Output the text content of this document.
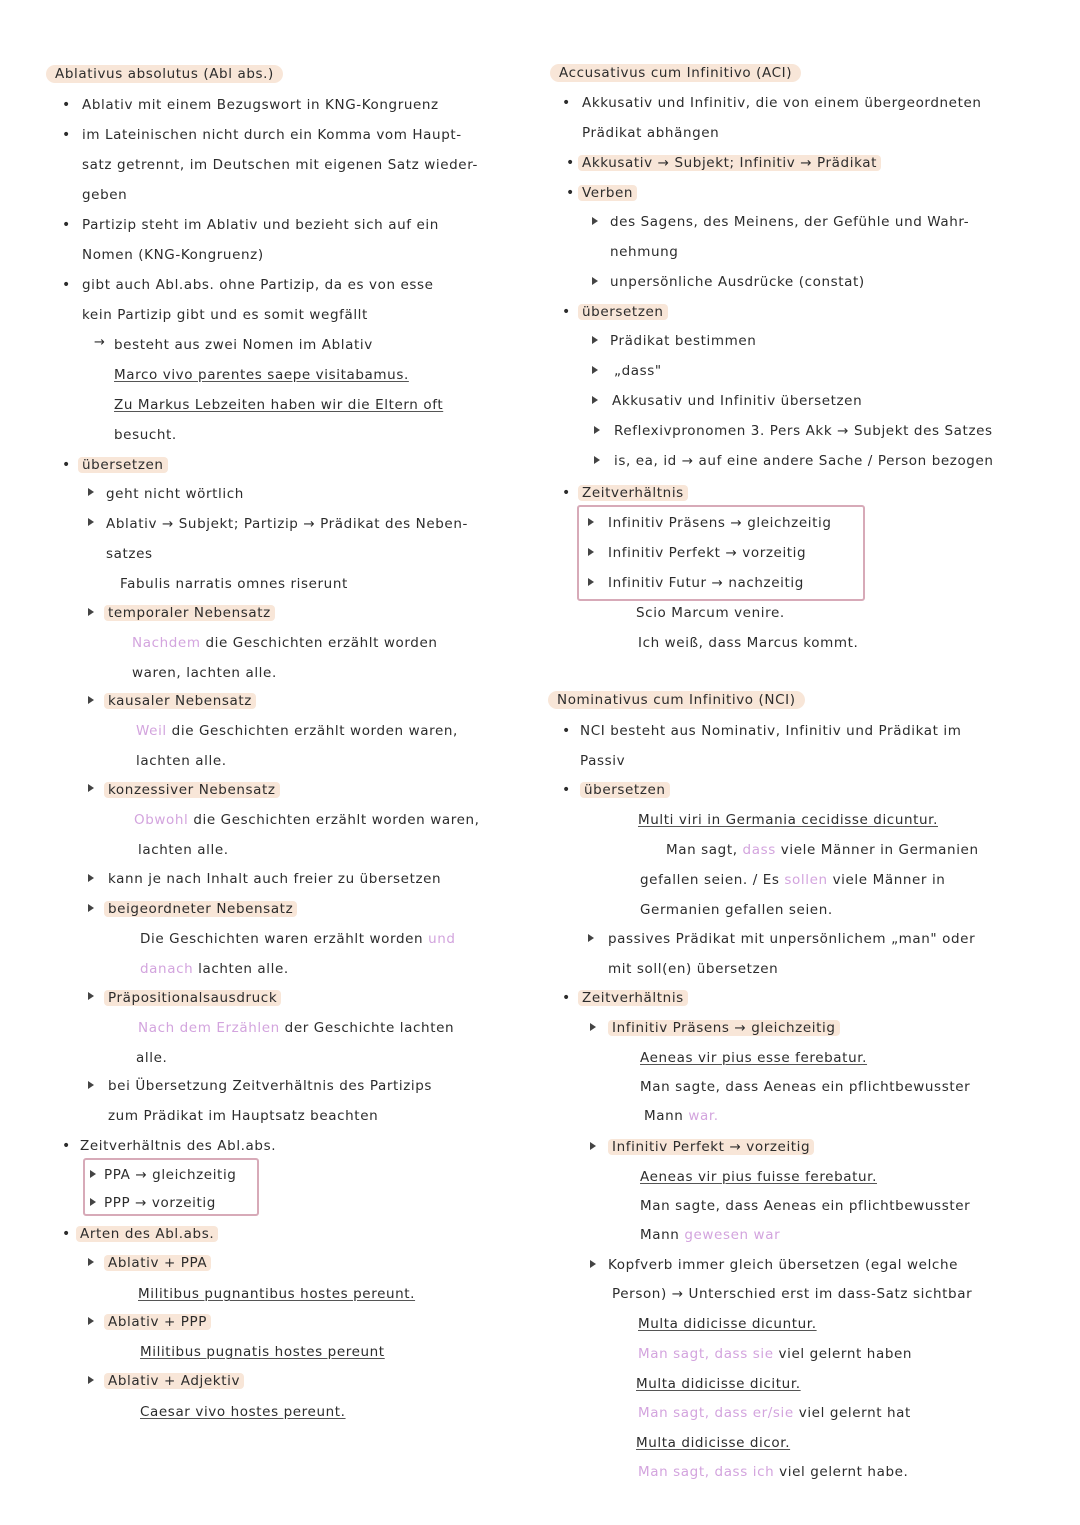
Ablativus absolutus (Abl abs.)
• Ablativ mit einem Bezugswort in KNG-Kongruenz
• im Lateinischen nicht durch ein Komma vom Haupt-
satz getrennt, im Deutschen mit eigenen Satz wieder-
geben
• Partizip steht im Ablativ und bezieht sich auf ein
Nomen (KNG-Kongruenz)
• gibt auch Abl.abs. ohne Partizip, da es von esse
kein Partizip gibt und es somit wegfällt
→ besteht aus zwei Nomen im Ablativ
Marco vivo parentes saepe visitabamus.
Zu Markus Lebzeiten haben wir die Eltern oft
besucht.
• übersetzen
geht nicht wörtlich
Ablativ → Subjekt; Partizip → Prädikat des Neben-
satzes
Fabulis narratis omnes riserunt
temporaler Nebensatz
Nachdem die Geschichten erzählt worden
waren, lachten alle.
kausaler Nebensatz
Weil die Geschichten erzählt worden waren,
lachten alle.
konzessiver Nebensatz
Obwohl die Geschichten erzählt worden waren,
lachten alle.
kann je nach Inhalt auch freier zu übersetzen
beigeordneter Nebensatz
Die Geschichten waren erzählt worden und
danach lachten alle.
Präpositionalsausdruck
Nach dem Erzählen der Geschichte lachten
alle.
bei Übersetzung Zeitverhältnis des Partizips
zum Prädikat im Hauptsatz beachten
• Zeitverhältnis des Abl.abs.
PPA → gleichzeitig
PPP → vorzeitig
• Arten des Abl.abs.
Ablativ + PPA
Militibus pugnantibus hostes pereunt.
Ablativ + PPP
Militibus pugnatis hostes pereunt
Ablativ + Adjektiv
Caesar vivo hostes pereunt.
Accusativus cum Infinitivo (ACI)
• Akkusativ und Infinitiv, die von einem übergeordneten
Prädikat abhängen
• Akkusativ → Subjekt; Infinitiv → Prädikat
• Verben
des Sagens, des Meinens, der Gefühle und Wahr-
nehmung
unpersönliche Ausdrücke (constat)
• übersetzen
Prädikat bestimmen
„dass"
Akkusativ und Infinitiv übersetzen
Reflexivpronomen 3. Pers Akk → Subjekt des Satzes
is, ea, id → auf eine andere Sache / Person bezogen
• Zeitverhältnis
Infinitiv Präsens → gleichzeitig
Infinitiv Perfekt → vorzeitig
Infinitiv Futur → nachzeitig
Scio Marcum venire.
Ich weiß, dass Marcus kommt.
Nominativus cum Infinitivo (NCI)
• NCI besteht aus Nominativ, Infinitiv und Prädikat im
Passiv
• übersetzen
Multi viri in Germania cecidisse dicuntur.
Man sagt, dass viele Männer in Germanien
gefallen seien. / Es sollen viele Männer in
Germanien gefallen seien.
passives Prädikat mit unpersönlichem „man" oder
mit soll(en) übersetzen
• Zeitverhältnis
Infinitiv Präsens → gleichzeitig
Aeneas vir pius esse ferebatur.
Man sagte, dass Aeneas ein pflichtbewusster
Mann war.
Infinitiv Perfekt → vorzeitig
Aeneas vir pius fuisse ferebatur.
Man sagte, dass Aeneas ein pflichtbewusster
Mann gewesen war
Kopfverb immer gleich übersetzen (egal welche
Person) → Unterschied erst im dass-Satz sichtbar
Multa didicisse dicuntur.
Man sagt, dass sie viel gelernt haben
Multa didicisse dicitur.
Man sagt, dass er/sie viel gelernt hat
Multa didicisse dicor.
Man sagt, dass ich viel gelernt habe.
